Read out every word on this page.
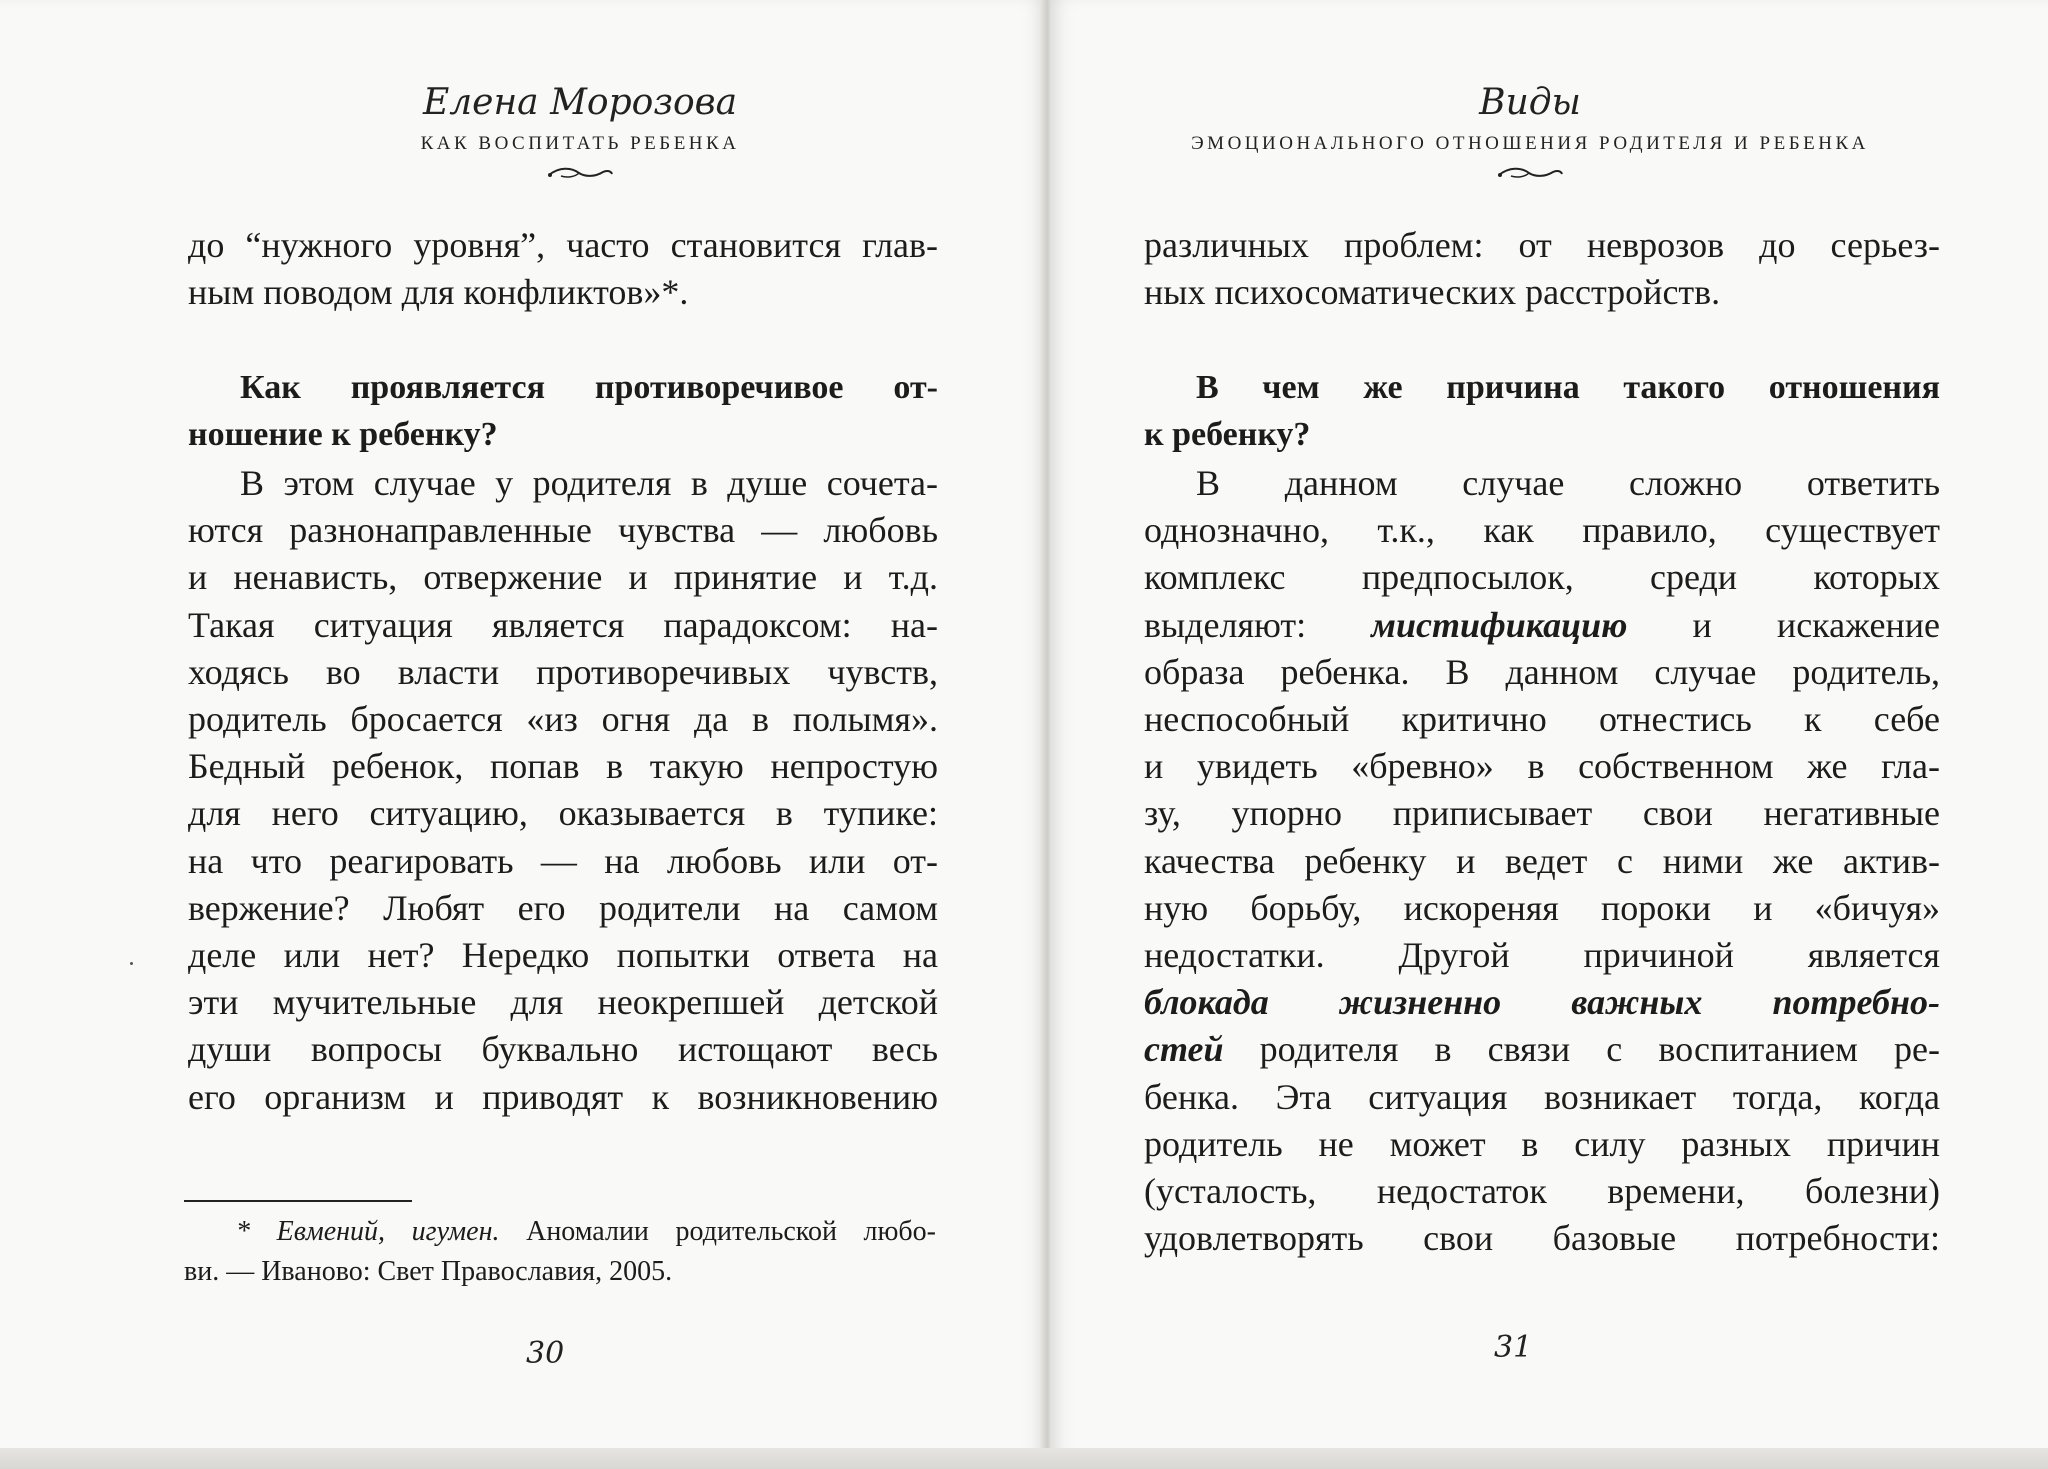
Елена Морозова
КАК ВОСПИТАТЬ РЕБЕНКА

до “нужного уровня”, часто становится глав-

ным поводом для конфликтов»*.

Как проявляется противоречивое от-

ношение к ребенку?

В этом случае у родителя в душе сочета-

ются разнонаправленные чувства — любовь

и ненависть, отвержение и принятие и т.д.

Такая ситуация является парадоксом: на-

ходясь во власти противоречивых чувств,

родитель бросается «из огня да в полымя».

Бедный ребенок, попав в такую непростую

для него ситуацию, оказывается в тупике:

на что реагировать — на любовь или от-

вержение? Любят его родители на самом

деле или нет? Нередко попытки ответа на

эти мучительные для неокрепшей детской

души вопросы буквально истощают весь

его организм и приводят к возникновению

* Евмений, игумен. Аномалии родительской любо-

ви. — Иваново: Свет Православия, 2005.

30
Виды
ЭМОЦИОНАЛЬНОГО ОТНОШЕНИЯ РОДИТЕЛЯ И РЕБЕНКА

различных проблем: от неврозов до серьез-

ных психосоматических расстройств.

В чем же причина такого отношения

к ребенку?

В данном случае сложно ответить

однозначно, т.к., как правило, существует

комплекс предпосылок, среди которых

выделяют: мистификацию и искажение

образа ребенка. В данном случае родитель,

неспособный критично отнестись к себе

и увидеть «бревно» в собственном же гла-

зу, упорно приписывает свои негативные

качества ребенку и ведет с ними же актив-

ную борьбу, искореняя пороки и «бичуя»

недостатки. Другой причиной является

блокада жизненно важных потребно-

стей родителя в связи с воспитанием ре-

бенка. Эта ситуация возникает тогда, когда

родитель не может в силу разных причин

(усталость, недостаток времени, болезни)

удовлетворять свои базовые потребности:

31
